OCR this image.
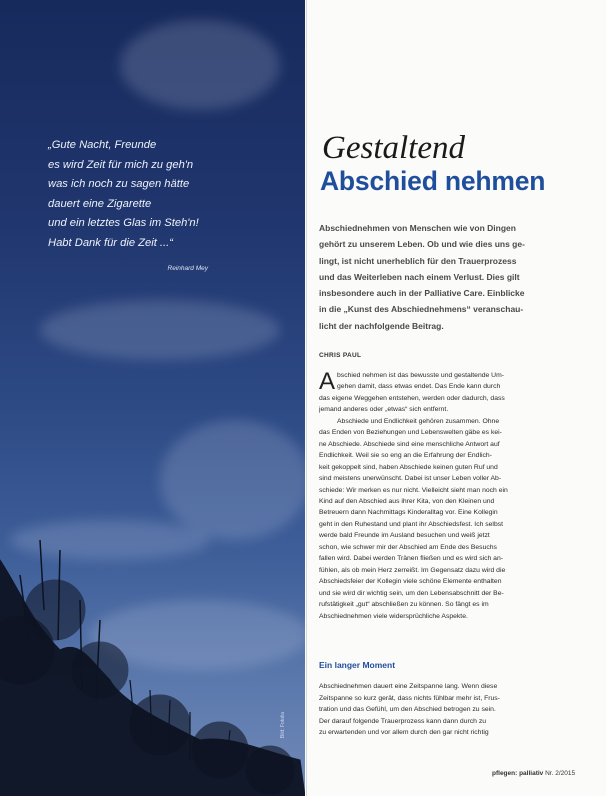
„Gute Nacht, Freunde
es wird Zeit für mich zu geh'n
was ich noch zu sagen hätte
dauert eine Zigarette
und ein letztes Glas im Steh'n!
Habt Dank für die Zeit ...“
Reinhard Mey
Bild: Fotolia
Gestaltend
Abschied nehmen
Abschiednehmen von Menschen wie von Dingen
gehört zu unserem Leben. Ob und wie dies uns ge-
lingt, ist nicht unerheblich für den Trauerprozess
und das Weiterleben nach einem Verlust. Dies gilt
insbesondere auch in der Palliative Care. Einblicke
in die „Kunst des Abschiednehmens“ veranschau-
licht der nachfolgende Beitrag.
CHRIS PAUL
A bschied nehmen ist das bewusste und gestaltende Um-
gehen damit, dass etwas endet. Das Ende kann durch
das eigene Weggehen entstehen, werden oder dadurch, dass
jemand anderes oder „etwas“ sich entfernt.
Abschiede und Endlichkeit gehören zusammen. Ohne
das Enden von Beziehungen und Lebenswelten gäbe es kei-
ne Abschiede. Abschiede sind eine menschliche Antwort auf
Endlichkeit. Weil sie so eng an die Erfahrung der Endlich-
keit gekoppelt sind, haben Abschiede keinen guten Ruf und
sind meistens unerwünscht. Dabei ist unser Leben voller Ab-
schiede: Wir merken es nur nicht. Vielleicht sieht man noch ein
Kind auf den Abschied aus ihrer Kita, von den Kleinen und
Betreuern dann Nachmittags Kinderalltag vor. Eine Kollegin
geht in den Ruhestand und plant ihr Abschiedsfest. Ich selbst
werde bald Freunde im Ausland besuchen und weiß jetzt
schon, wie schwer mir der Abschied am Ende des Besuchs
fallen wird. Dabei werden Tränen fließen und es wird sich an-
fühlen, als ob mein Herz zerreißt. Im Gegensatz dazu wird die
Abschiedsfeier der Kollegin viele schöne Elemente enthalten
und sie wird dir wichtig sein, um den Lebensabschnitt der Be-
rufstätigkeit „gut“ abschließen zu können. So fängt es im
Abschiednehmen viele widersprüchliche Aspekte.
Ein langer Moment
Abschiednehmen dauert eine Zeitspanne lang. Wenn diese
Zeitspanne so kurz gerät, dass nichts fühlbar mehr ist, Frus-
tration und das Gefühl, um den Abschied betrogen zu sein.
Der darauf folgende Trauerprozess kann dann durch zu
zu erwartenden und vor allem durch den gar nicht richtig
pflegen: palliativ Nr. 2/2015
